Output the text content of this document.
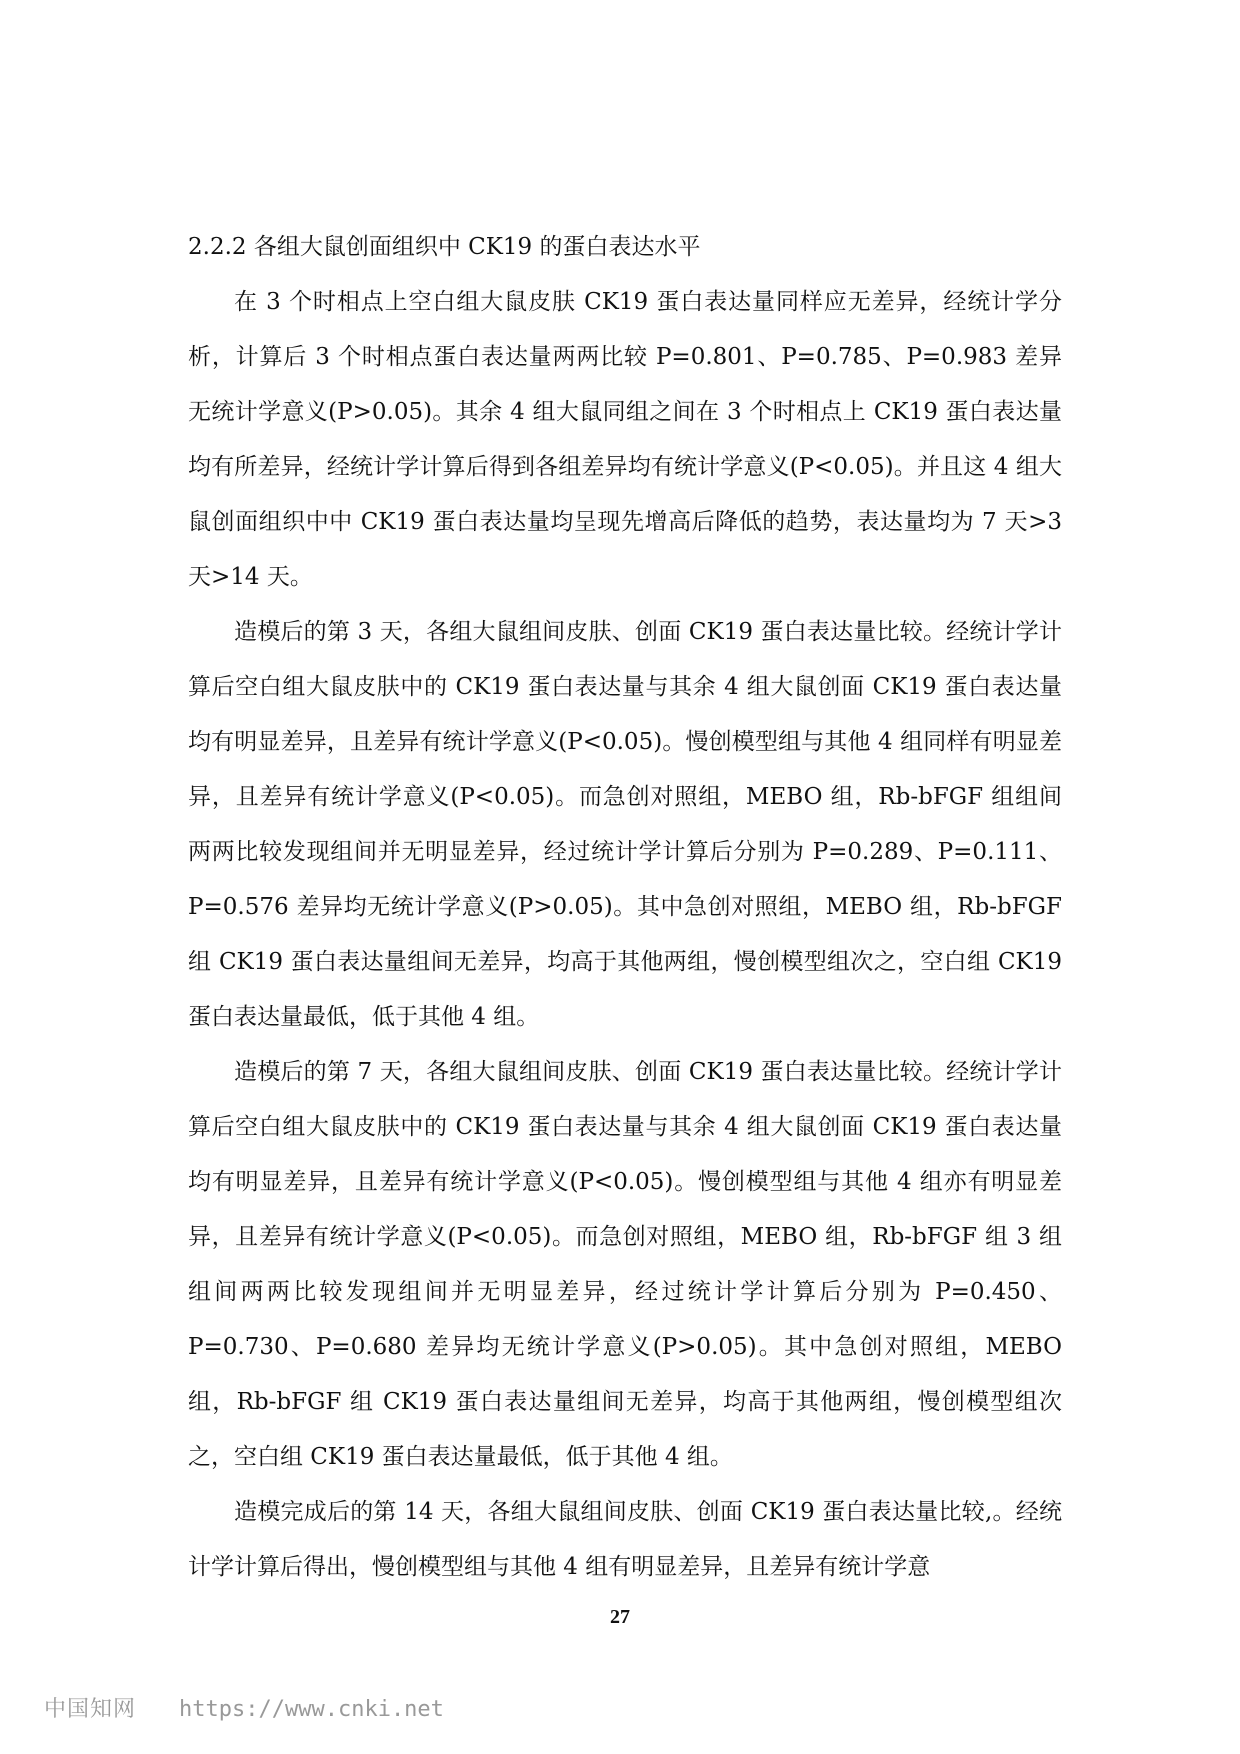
2.2.2 各组大鼠创面组织中 CK19 的蛋白表达水平

在 3 个时相点上空白组大鼠皮肤 CK19 蛋白表达量同样应无差异，经统计学分析，计算后 3 个时相点蛋白表达量两两比较 P=0.801、P=0.785、P=0.983 差异无统计学意义(P>0.05)。其余 4 组大鼠同组之间在 3 个时相点上 CK19 蛋白表达量均有所差异，经统计学计算后得到各组差异均有统计学意义(P<0.05)。并且这 4 组大鼠创面组织中中 CK19 蛋白表达量均呈现先增高后降低的趋势，表达量均为 7 天>3 天>14 天。

造模后的第 3 天，各组大鼠组间皮肤、创面 CK19 蛋白表达量比较。经统计学计算后空白组大鼠皮肤中的 CK19 蛋白表达量与其余 4 组大鼠创面 CK19 蛋白表达量均有明显差异，且差异有统计学意义(P<0.05)。慢创模型组与其他 4 组同样有明显差异，且差异有统计学意义(P<0.05)。而急创对照组，MEBO 组，Rb-bFGF 组组间两两比较发现组间并无明显差异，经过统计学计算后分别为 P=0.289、P=0.111、P=0.576 差异均无统计学意义(P>0.05)。其中急创对照组，MEBO 组，Rb-bFGF 组 CK19 蛋白表达量组间无差异，均高于其他两组，慢创模型组次之，空白组 CK19 蛋白表达量最低，低于其他 4 组。

造模后的第 7 天，各组大鼠组间皮肤、创面 CK19 蛋白表达量比较。经统计学计算后空白组大鼠皮肤中的 CK19 蛋白表达量与其余 4 组大鼠创面 CK19 蛋白表达量均有明显差异，且差异有统计学意义(P<0.05)。慢创模型组与其他 4 组亦有明显差异，且差异有统计学意义(P<0.05)。而急创对照组，MEBO 组，Rb-bFGF 组 3 组组间两两比较发现组间并无明显差异，经过统计学计算后分别为 P=0.450、P=0.730、P=0.680 差异均无统计学意义(P>0.05)。其中急创对照组，MEBO 组，Rb-bFGF 组 CK19 蛋白表达量组间无差异，均高于其他两组，慢创模型组次之，空白组 CK19 蛋白表达量最低，低于其他 4 组。

造模完成后的第 14 天，各组大鼠组间皮肤、创面 CK19 蛋白表达量比较,。经统计学计算后得出，慢创模型组与其他 4 组有明显差异，且差异有统计学意

27
中国知网 https://www.cnki.net
